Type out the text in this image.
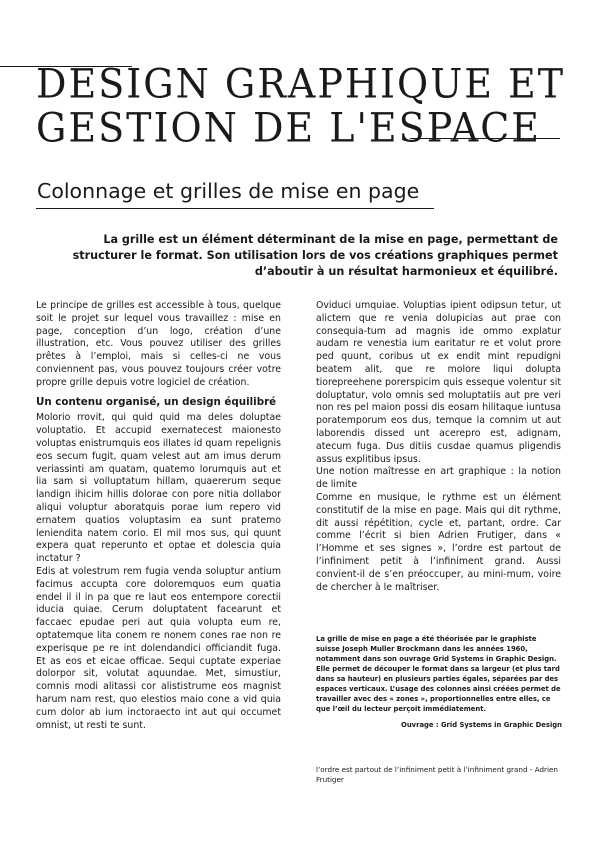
DESIGN GRAPHIQUE ET
GESTION DE L'ESPACE
Colonnage et grilles de mise en page
La grille est un élément déterminant de la mise en page, permettant de structurer le format. Son utilisation lors de vos créations graphiques permet d’aboutir à un résultat harmonieux et équilibré.

Le principe de grilles est accessible à tous, quelque soit le projet sur lequel vous travaillez : mise en page, conception d’un logo, création d’une illustration, etc. Vous pouvez utiliser des grilles prêtes à l’emploi, mais si celles-ci ne vous conviennent pas, vous pouvez toujours créer votre propre grille depuis votre logiciel de création.

Un contenu organisé, un design équilibré

Molorio rrovit, qui quid quid ma deles doluptae voluptatio. Et accupid exernatecest maionesto voluptas enistrumquis eos illates id quam repelignis eos secum fugit, quam velest aut am imus derum veriassinti am quatam, quatemo lorumquis aut et lia sam si volluptatum hillam, quaererum seque landign ihicim hillis dolorae con pore nitia dollabor aliqui voluptur aboratquis porae ium repero vid ernatem quatios voluptasim ea sunt pratemo leniendita natem corio. El mil mos sus, qui quunt expera quat reperunto et optae et dolescia quia inctatur ?

Edis at volestrum rem fugia venda soluptur antium facimus accupta core doloremquos eum quatia endel il il in pa que re laut eos entempore corectii iducia quiae. Cerum doluptatent facearunt et faccaec epudae peri aut quia volupta eum re, optatemque lita conem re nonem cones rae non re experisque pe re int dolendandici officiandit fuga. Et as eos et eicae officae. Sequi cuptate experiae dolorpor sit, volutat aquundae. Met, simustiur, comnis modi alitassi cor alististrume eos magnist harum nam rest, quo elestios maio cone a vid quia cum dolor ab ium inctoraecto int aut qui occumet omnist, ut resti te sunt.

Oviduci umquiae. Voluptias ipient odipsun tetur, ut alictem que re venia dolupicias aut prae con consequia-tum ad magnis ide ommo explatur audam re venestia ium earitatur re et volut prore ped quunt, coribus ut ex endit mint repudigni beatem alit, que re molore liqui dolupta tiorepreehene porerspicim quis esseque volentur sit doluptatur, volo omnis sed moluptatiis aut pre veri non res pel maion possi dis eosam hilitaque iuntusa poratemporum eos dus, temque la comnim ut aut laborendis dissed unt acerepro est, adignam, atecum fuga. Dus ditiis cusdae quamus pligendis assus explitibus ipsus.

Une notion maîtresse en art graphique : la notion de limite

Comme en musique, le rythme est un élément constitutif de la mise en page. Mais qui dit rythme, dit aussi répétition, cycle et, partant, ordre. Car comme l’écrit si bien Adrien Frutiger, dans « l’Homme et ses signes », l’ordre est partout de l’infiniment petit à l’infiniment grand. Aussi convient-il de s’en préoccuper, au mini-mum, voire de chercher à le maîtriser.

La grille de mise en page a été théorisée par le graphiste suisse Joseph Muller Brockmann dans les années 1960, notamment dans son ouvrage Grid Systems in Graphic Design. Elle permet de découper le format dans sa largeur (et plus tard dans sa hauteur) en plusieurs parties égales, séparées par des espaces verticaux. L’usage des colonnes ainsi créées permet de travailler avec des « zones », proportionnelles entre elles, ce que l’œil du lecteur perçoit immédiatement.

Ouvrage : Grid Systems in Graphic Design

l’ordre est partout de l’infiniment petit à l’infiniment grand - Adrien Frutiger
